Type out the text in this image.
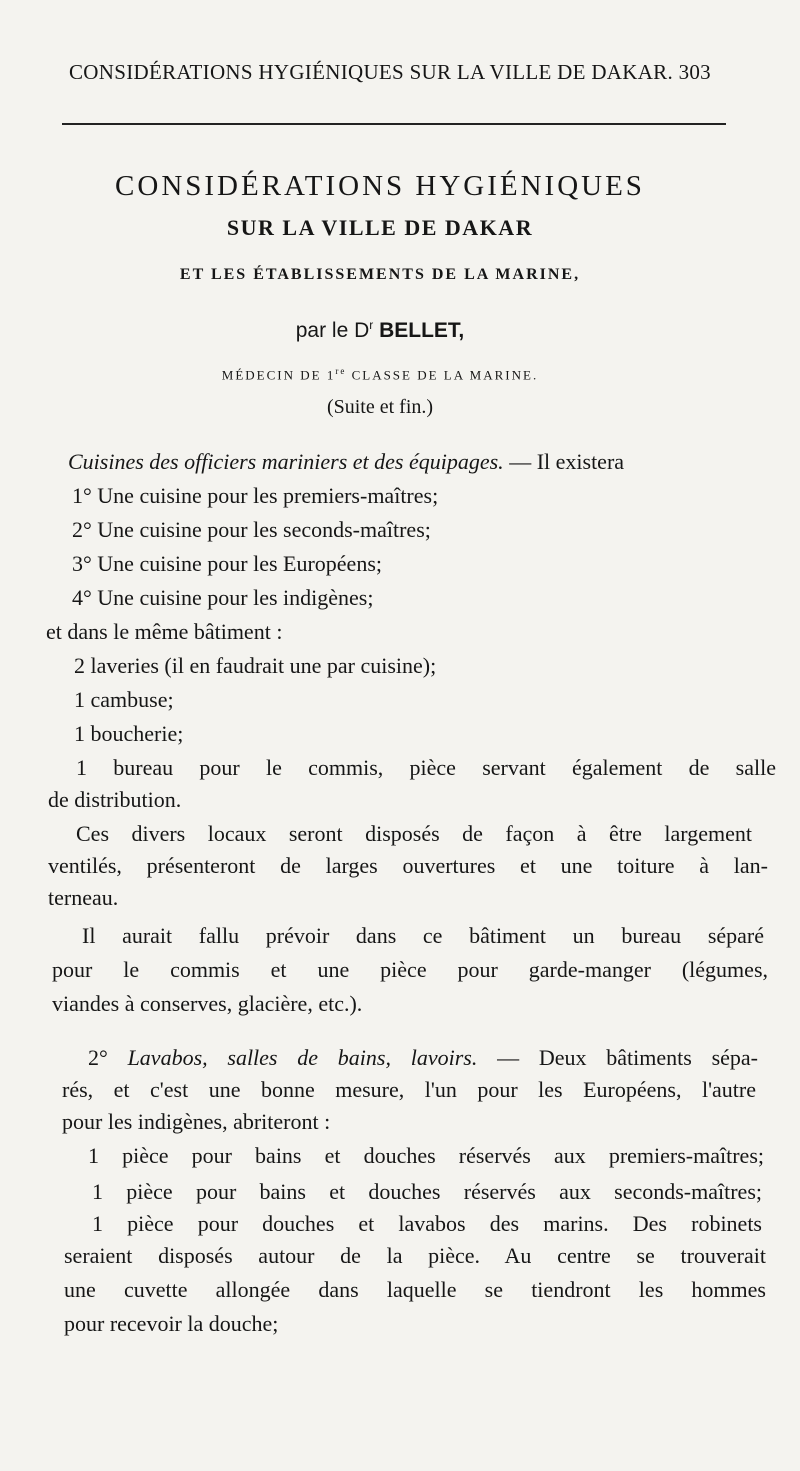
CONSIDÉRATIONS HYGIÉNIQUES SUR LA VILLE DE DAKAR. 303
CONSIDÉRATIONS HYGIÉNIQUES
SUR LA VILLE DE DAKAR
ET LES ÉTABLISSEMENTS DE LA MARINE,
par le $D^r$ BELLET,
MÉDECIN DE 1re CLASSE DE LA MARINE.
(Suite et fin.)
Cuisines des officiers mariniers et des équipages. — Il existera
1° Une cuisine pour les premiers-maîtres;
2° Une cuisine pour les seconds-maîtres;
3° Une cuisine pour les Européens;
4° Une cuisine pour les indigènes;
et dans le même bâtiment :
2 laveries (il en faudrait une par cuisine);
1 cambuse;
1 boucherie;
1 bureau pour le commis, pièce servant également de salle
de distribution.
Ces divers locaux seront disposés de façon à être largement
ventilés, présenteront de larges ouvertures et une toiture à lan-
terneau.
Il aurait fallu prévoir dans ce bâtiment un bureau séparé
pour le commis et une pièce pour garde-manger (légumes,
viandes à conserves, glacière, etc.).
2° Lavabos, salles de bains, lavoirs. — Deux bâtiments sépa-
rés, et c'est une bonne mesure, l'un pour les Européens, l'autre
pour les indigènes, abriteront :
1 pièce pour bains et douches réservés aux premiers-maîtres;
1 pièce pour bains et douches réservés aux seconds-maîtres;
1 pièce pour douches et lavabos des marins. Des robinets
seraient disposés autour de la pièce. Au centre se trouverait
une cuvette allongée dans laquelle se tiendront les hommes
pour recevoir la douche;
